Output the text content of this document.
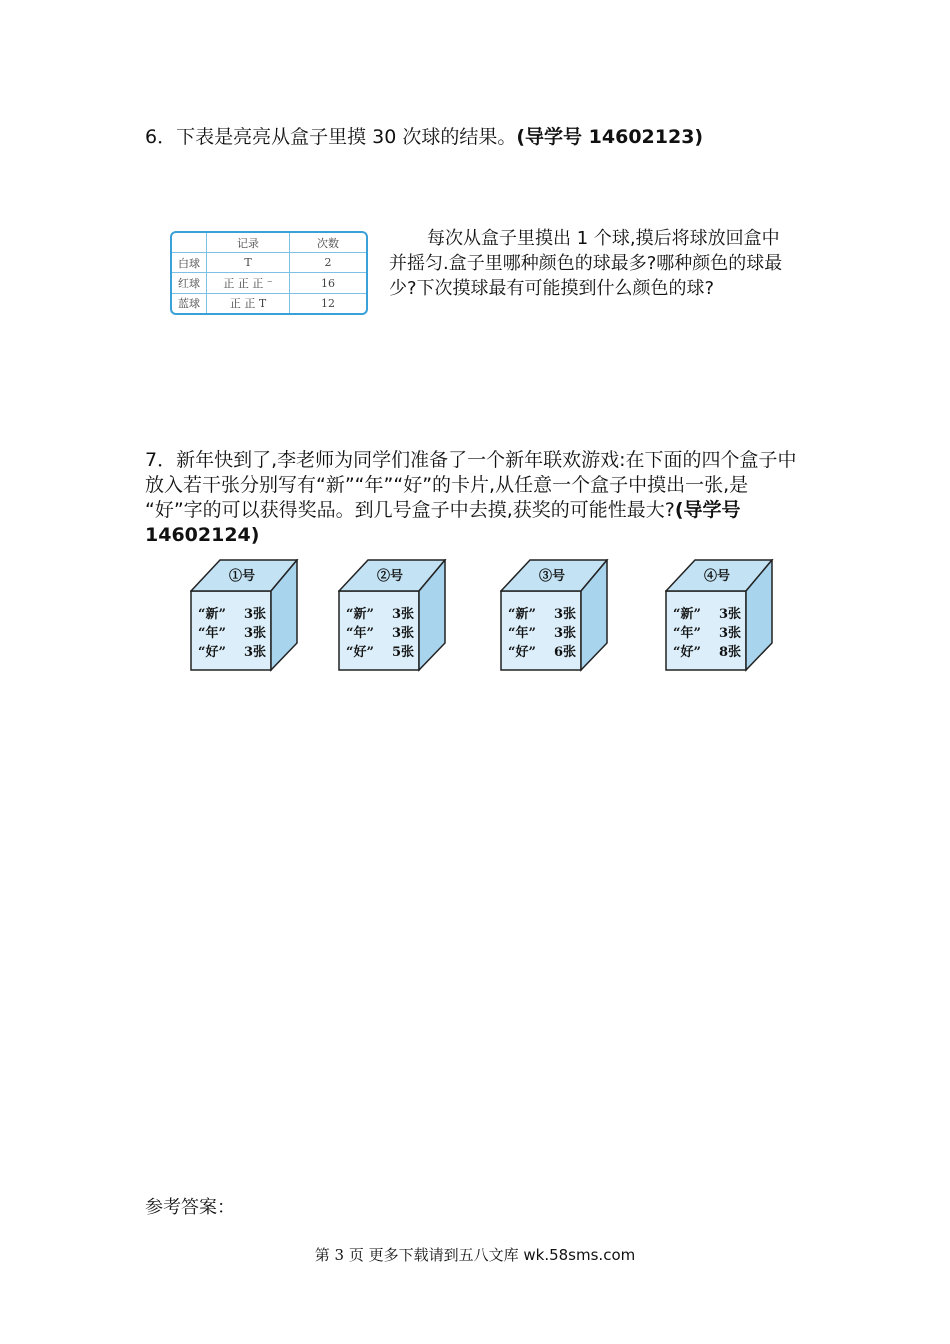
6．下表是亮亮从盒子里摸 30 次球的结果。(导学号 14602123)
	记录	次数
白球	T	2
红球	正 正 正 ⁻	16
蓝球	正 正 T	12
每次从盒子里摸出 1 个球,摸后将球放回盒中
并摇匀.盒子里哪种颜色的球最多?哪种颜色的球最
少?下次摸球最有可能摸到什么颜色的球?
7．新年快到了,李老师为同学们准备了一个新年联欢游戏:在下面的四个盒子中
放入若干张分别写有“新”“年”“好”的卡片,从任意一个盒子中摸出一张,是
“好”字的可以获得奖品。到几号盒子中去摸,获奖的可能性最大?(导学号
14602124)
①号
“新” 3张
“年” 3张
“好” 3张
②号
“新” 3张
“年” 3张
“好” 5张
③号
“新” 3张
“年” 3张
“好” 6张
④号
“新” 3张
“年” 3张
“好” 8张
参考答案：
第 3 页 更多下载请到五八文库 wk.58sms.com
